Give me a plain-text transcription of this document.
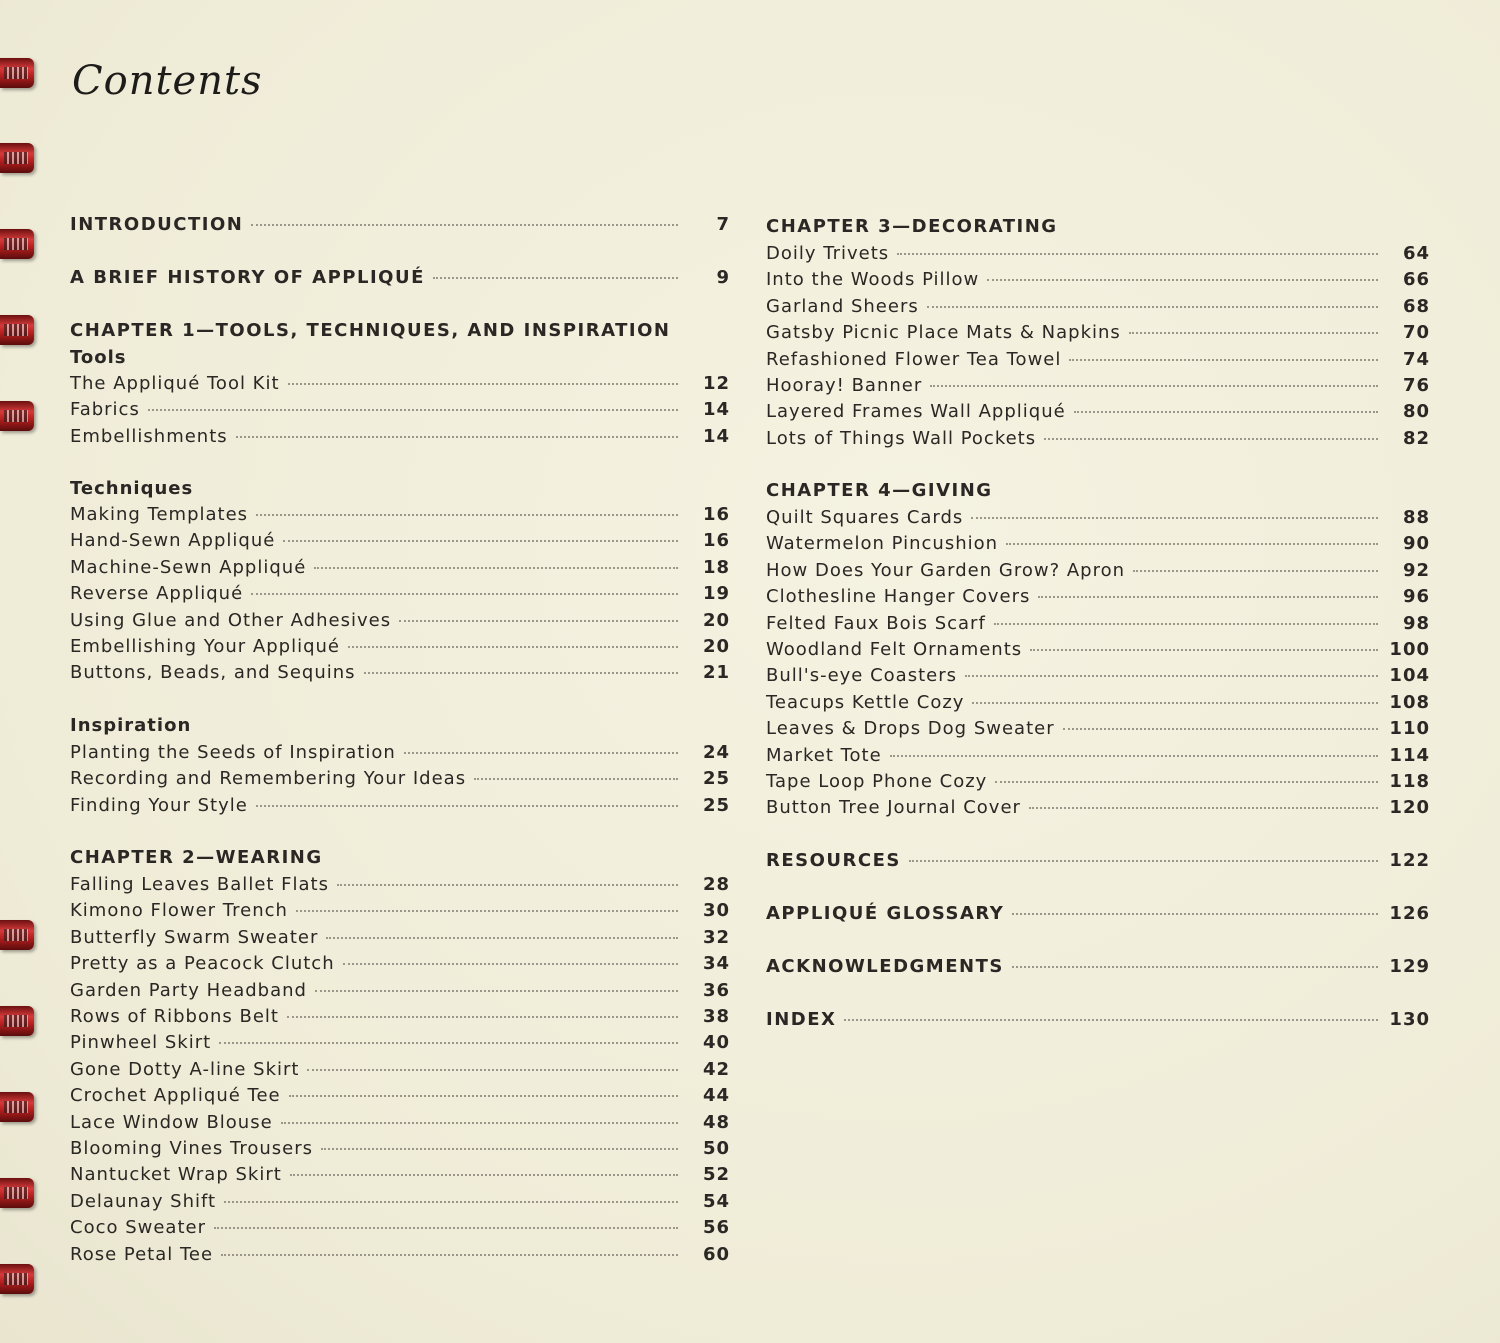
Contents
INTRODUCTION	7
A BRIEF HISTORY OF APPLIQUÉ	9
CHAPTER 1—TOOLS, TECHNIQUES, AND INSPIRATION
Tools
The Appliqué Tool Kit	12
Fabrics	14
Embellishments	14
Techniques
Making Templates	16
Hand-Sewn Appliqué	16
Machine-Sewn Appliqué	18
Reverse Appliqué	19
Using Glue and Other Adhesives	20
Embellishing Your Appliqué	20
Buttons, Beads, and Sequins	21
Inspiration
Planting the Seeds of Inspiration	24
Recording and Remembering Your Ideas	25
Finding Your Style	25
CHAPTER 2—WEARING
Falling Leaves Ballet Flats	28
Kimono Flower Trench	30
Butterfly Swarm Sweater	32
Pretty as a Peacock Clutch	34
Garden Party Headband	36
Rows of Ribbons Belt	38
Pinwheel Skirt	40
Gone Dotty A-line Skirt	42
Crochet Appliqué Tee	44
Lace Window Blouse	48
Blooming Vines Trousers	50
Nantucket Wrap Skirt	52
Delaunay Shift	54
Coco Sweater	56
Rose Petal Tee	60
CHAPTER 3—DECORATING
Doily Trivets	64
Into the Woods Pillow	66
Garland Sheers	68
Gatsby Picnic Place Mats & Napkins	70
Refashioned Flower Tea Towel	74
Hooray! Banner	76
Layered Frames Wall Appliqué	80
Lots of Things Wall Pockets	82
CHAPTER 4—GIVING
Quilt Squares Cards	88
Watermelon Pincushion	90
How Does Your Garden Grow? Apron	92
Clothesline Hanger Covers	96
Felted Faux Bois Scarf	98
Woodland Felt Ornaments	100
Bull's-eye Coasters	104
Teacups Kettle Cozy	108
Leaves & Drops Dog Sweater	110
Market Tote	114
Tape Loop Phone Cozy	118
Button Tree Journal Cover	120
RESOURCES	122
APPLIQUÉ GLOSSARY	126
ACKNOWLEDGMENTS	129
INDEX	130
